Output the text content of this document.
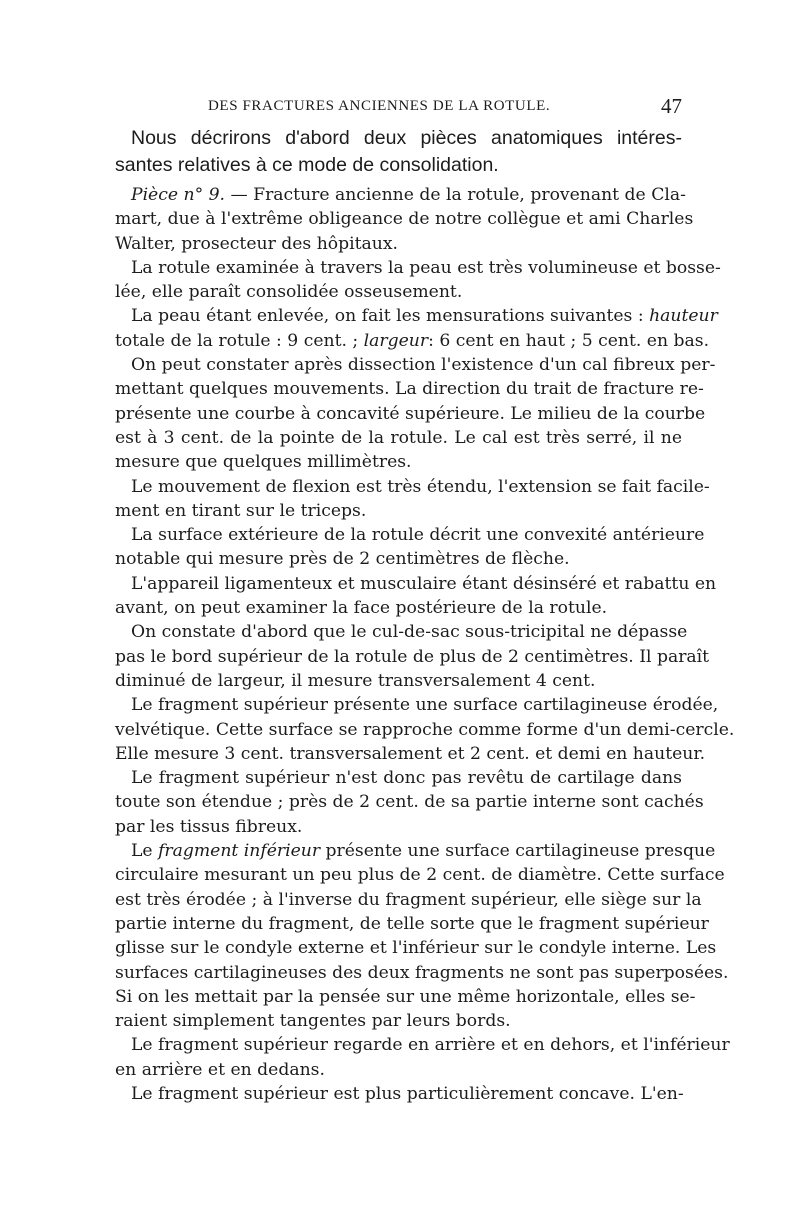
DES FRACTURES ANCIENNES DE LA ROTULE.	47
Nous décrirons d'abord deux pièces anatomiques intéres-
santes relatives à ce mode de consolidation.
Pièce n° 9. — Fracture ancienne de la rotule, provenant de Cla-
mart, due à l'extrême obligeance de notre collègue et ami Charles
Walter, prosecteur des hôpitaux.
La rotule examinée à travers la peau est très volumineuse et bosse-
lée, elle paraît consolidée osseusement.
La peau étant enlevée, on fait les mensurations suivantes : hauteur
totale de la rotule : 9 cent. ; largeur: 6 cent en haut ; 5 cent. en bas.
On peut constater après dissection l'existence d'un cal fibreux per-
mettant quelques mouvements. La direction du trait de fracture re-
présente une courbe à concavité supérieure. Le milieu de la courbe
est à 3 cent. de la pointe de la rotule. Le cal est très serré, il ne
mesure que quelques millimètres.
Le mouvement de flexion est très étendu, l'extension se fait facile-
ment en tirant sur le triceps.
La surface extérieure de la rotule décrit une convexité antérieure
notable qui mesure près de 2 centimètres de flèche.
L'appareil ligamenteux et musculaire étant désinséré et rabattu en
avant, on peut examiner la face postérieure de la rotule.
On constate d'abord que le cul-de-sac sous-tricipital ne dépasse
pas le bord supérieur de la rotule de plus de 2 centimètres. Il paraît
diminué de largeur, il mesure transversalement 4 cent.
Le fragment supérieur présente une surface cartilagineuse érodée,
velvétique. Cette surface se rapproche comme forme d'un demi-cercle.
Elle mesure 3 cent. transversalement et 2 cent. et demi en hauteur.
Le fragment supérieur n'est donc pas revêtu de cartilage dans
toute son étendue ; près de 2 cent. de sa partie interne sont cachés
par les tissus fibreux.
Le fragment inférieur présente une surface cartilagineuse presque
circulaire mesurant un peu plus de 2 cent. de diamètre. Cette surface
est très érodée ; à l'inverse du fragment supérieur, elle siège sur la
partie interne du fragment, de telle sorte que le fragment supérieur
glisse sur le condyle externe et l'inférieur sur le condyle interne. Les
surfaces cartilagineuses des deux fragments ne sont pas superposées.
Si on les mettait par la pensée sur une même horizontale, elles se-
raient simplement tangentes par leurs bords.
Le fragment supérieur regarde en arrière et en dehors, et l'inférieur
en arrière et en dedans.
Le fragment supérieur est plus particulièrement concave. L'en-
